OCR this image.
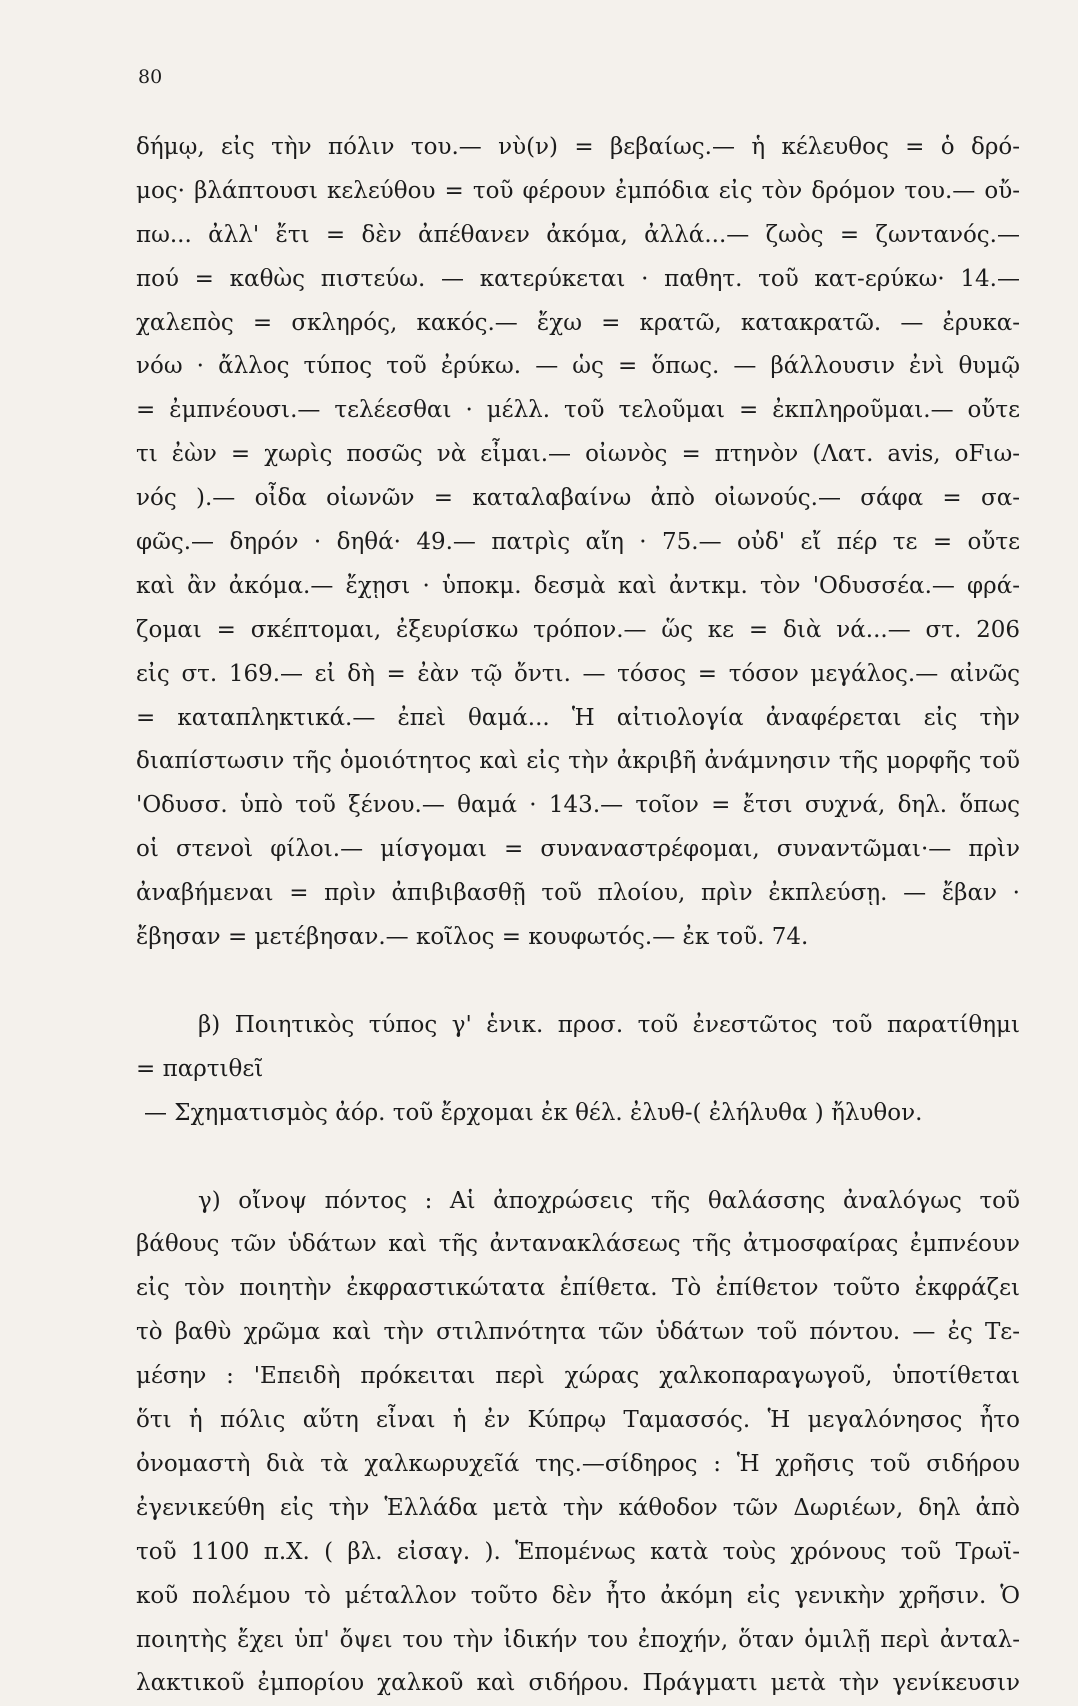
80
δήμῳ, εἰς τὴν πόλιν του.— νὺ(ν) = βεβαίως.— ἡ κέλευθος = ὁ δρό-
μος· βλάπτουσι κελεύθου = τοῦ φέρουν ἐμπόδια εἰς τὸν δρόμον του.— οὔ-
πω... ἀλλ' ἔτι = δὲν ἀπέθανεν ἀκόμα, ἀλλά...— ζωὸς = ζωντανός.—
πού = καθὼς πιστεύω. — κατερύκεται · παθητ. τοῦ κατ-ερύκω· 14.—
χαλεπὸς = σκληρός, κακός.— ἔχω = κρατῶ, κατακρατῶ. — ἐρυκα-
νόω · ἄλλος τύπος τοῦ ἐρύκω. — ὡς = ὅπως. — βάλλουσιν ἐνὶ θυμῷ
= ἐμπνέουσι.— τελέεσθαι · μέλλ. τοῦ τελοῦμαι = ἐκπληροῦμαι.— οὔτε
τι ἐὼν = χωρὶς ποσῶς νὰ εἶμαι.— οἰωνὸς = πτηνὸν (Λατ. avis, οFιω-
νός ).— οἶδα οἰωνῶν = καταλαβαίνω ἀπὸ οἰωνούς.— σάφα = σα-
φῶς.— δηρόν · δηθά· 49.— πατρὶς αἴη · 75.— οὐδ' εἴ πέρ τε = οὔτε
καὶ ἂν ἀκόμα.— ἔχῃσι · ὑποκμ. δεσμὰ καὶ ἀντκμ. τὸν 'Οδυσσέα.— φρά-
ζομαι = σκέπτομαι, ἐξευρίσκω τρόπον.— ὥς κε = διὰ νά...— στ. 206
εἰς στ. 169.— εἰ δὴ = ἐὰν τῷ ὄντι. — τόσος = τόσον μεγάλος.— αἰνῶς
= καταπληκτικά.— ἐπεὶ θαμά... Ἡ αἰτιολογία ἀναφέρεται εἰς τὴν
διαπίστωσιν τῆς ὁμοιότητος καὶ εἰς τὴν ἀκριβῆ ἀνάμνησιν τῆς μορφῆς τοῦ
'Οδυσσ. ὑπὸ τοῦ ξένου.— θαμά · 143.— τοῖον = ἔτσι συχνά, δηλ. ὅπως
οἱ στενοὶ φίλοι.— μίσγομαι = συναναστρέφομαι, συναντῶμαι·— πρὶν
ἀναβήμεναι = πρὶν ἀπιβιβασθῇ τοῦ πλοίου, πρὶν ἐκπλεύσῃ. — ἔβαν ·
ἔβησαν = μετέβησαν.— κοῖλος = κουφωτός.— ἐκ τοῦ. 74.
β) Ποιητικὸς τύπος γ' ἑνικ. προσ. τοῦ ἐνεστῶτος τοῦ παρατίθημι
= παρτιθεῖ
— Σχηματισμὸς ἀόρ. τοῦ ἔρχομαι ἐκ θέλ. ἐλυθ-( ἐλήλυθα ) ἤλυθον.
γ) οἴνοψ πόντος : Αἱ ἀποχρώσεις τῆς θαλάσσης ἀναλόγως τοῦ
βάθους τῶν ὑδάτων καὶ τῆς ἀντανακλάσεως τῆς ἀτμοσφαίρας ἐμπνέουν
εἰς τὸν ποιητὴν ἐκφραστικώτατα ἐπίθετα. Τὸ ἐπίθετον τοῦτο ἐκφράζει
τὸ βαθὺ χρῶμα καὶ τὴν στιλπνότητα τῶν ὑδάτων τοῦ πόντου. — ἐς Τε-
μέσην : 'Επειδὴ πρόκειται περὶ χώρας χαλκοπαραγωγοῦ, ὑποτίθεται
ὅτι ἡ πόλις αὕτη εἶναι ἡ ἐν Κύπρῳ Ταμασσός. Ἡ μεγαλόνησος ἦτο
ὀνομαστὴ διὰ τὰ χαλκωρυχεῖά της.—σίδηρος : Ἡ χρῆσις τοῦ σιδήρου
ἐγενικεύθη εἰς τὴν Ἑλλάδα μετὰ τὴν κάθοδον τῶν Δωριέων, δηλ ἀπὸ
τοῦ 1100 π.Χ. ( βλ. εἰσαγ. ). Ἑπομένως κατὰ τοὺς χρόνους τοῦ Τρωϊ-
κοῦ πολέμου τὸ μέταλλον τοῦτο δὲν ἦτο ἀκόμη εἰς γενικὴν χρῆσιν. Ὁ
ποιητὴς ἔχει ὑπ' ὄψει του τὴν ἰδικήν του ἐποχήν, ὅταν ὁμιλῇ περὶ ἀνταλ-
λακτικοῦ ἐμπορίου χαλκοῦ καὶ σιδήρου. Πράγματι μετὰ τὴν γενίκευσιν
